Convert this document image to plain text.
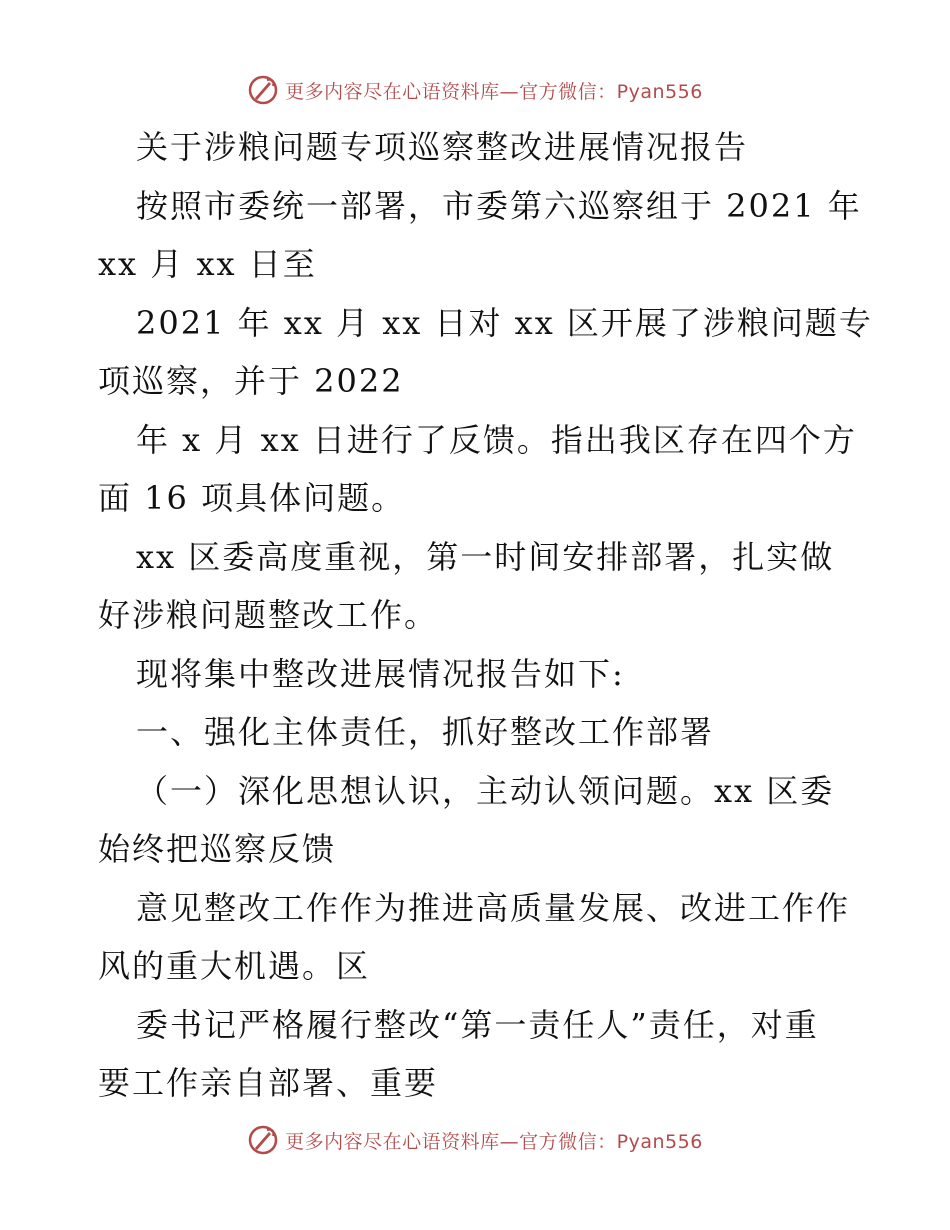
更多内容尽在心语资料库—官方微信：Pyan556
关于涉粮问题专项巡察整改进展情况报告
按照市委统一部署，市委第六巡察组于 2021 年
xx 月 xx 日至
2021 年 xx 月 xx 日对 xx 区开展了涉粮问题专
项巡察，并于 2022
年 x 月 xx 日进行了反馈。指出我区存在四个方
面 16 项具体问题。
xx 区委高度重视，第一时间安排部署，扎实做
好涉粮问题整改工作。
现将集中整改进展情况报告如下:
一、强化主体责任，抓好整改工作部署
（一）深化思想认识，主动认领问题。xx 区委
始终把巡察反馈
意见整改工作作为推进高质量发展、改进工作作
风的重大机遇。区
委书记严格履行整改“第一责任人”责任，对重
要工作亲自部署、重要
更多内容尽在心语资料库—官方微信：Pyan556
